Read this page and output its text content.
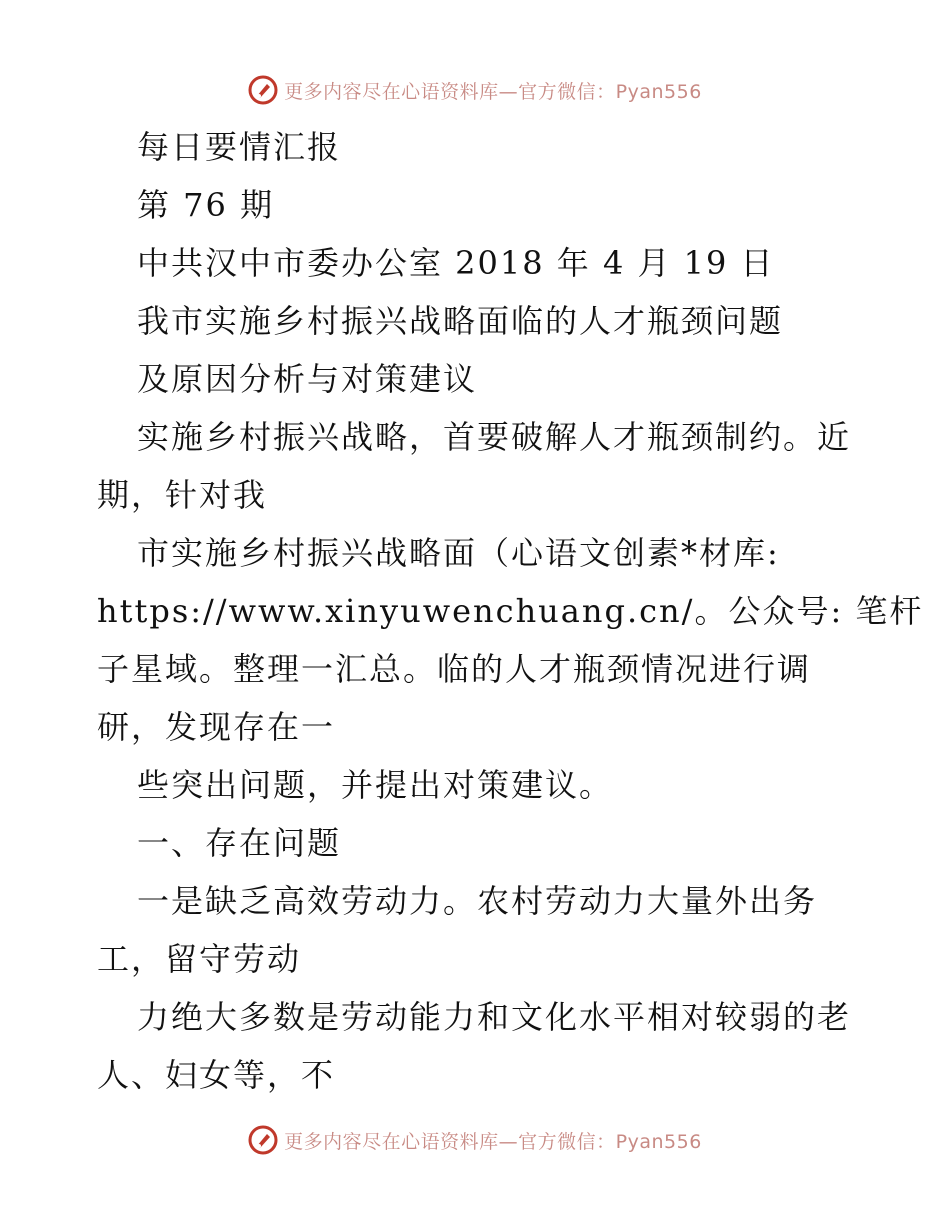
更多内容尽在心语资料库—官方微信：Pyan556
每日要情汇报
第 76 期
中共汉中市委办公室 2018 年 4 月 19 日
我市实施乡村振兴战略面临的人才瓶颈问题
及原因分析与对策建议
实施乡村振兴战略，首要破解人才瓶颈制约。近
期，针对我
市实施乡村振兴战略面（心语文创素*材库:
https://www.xinyuwenchuang.cn/。公众号: 笔杆
子星域。整理一汇总。临的人才瓶颈情况进行调
研，发现存在一
些突出问题，并提出对策建议。
一、存在问题
一是缺乏高效劳动力。农村劳动力大量外出务
工，留守劳动
力绝大多数是劳动能力和文化水平相对较弱的老
人、妇女等，不
更多内容尽在心语资料库—官方微信：Pyan556
